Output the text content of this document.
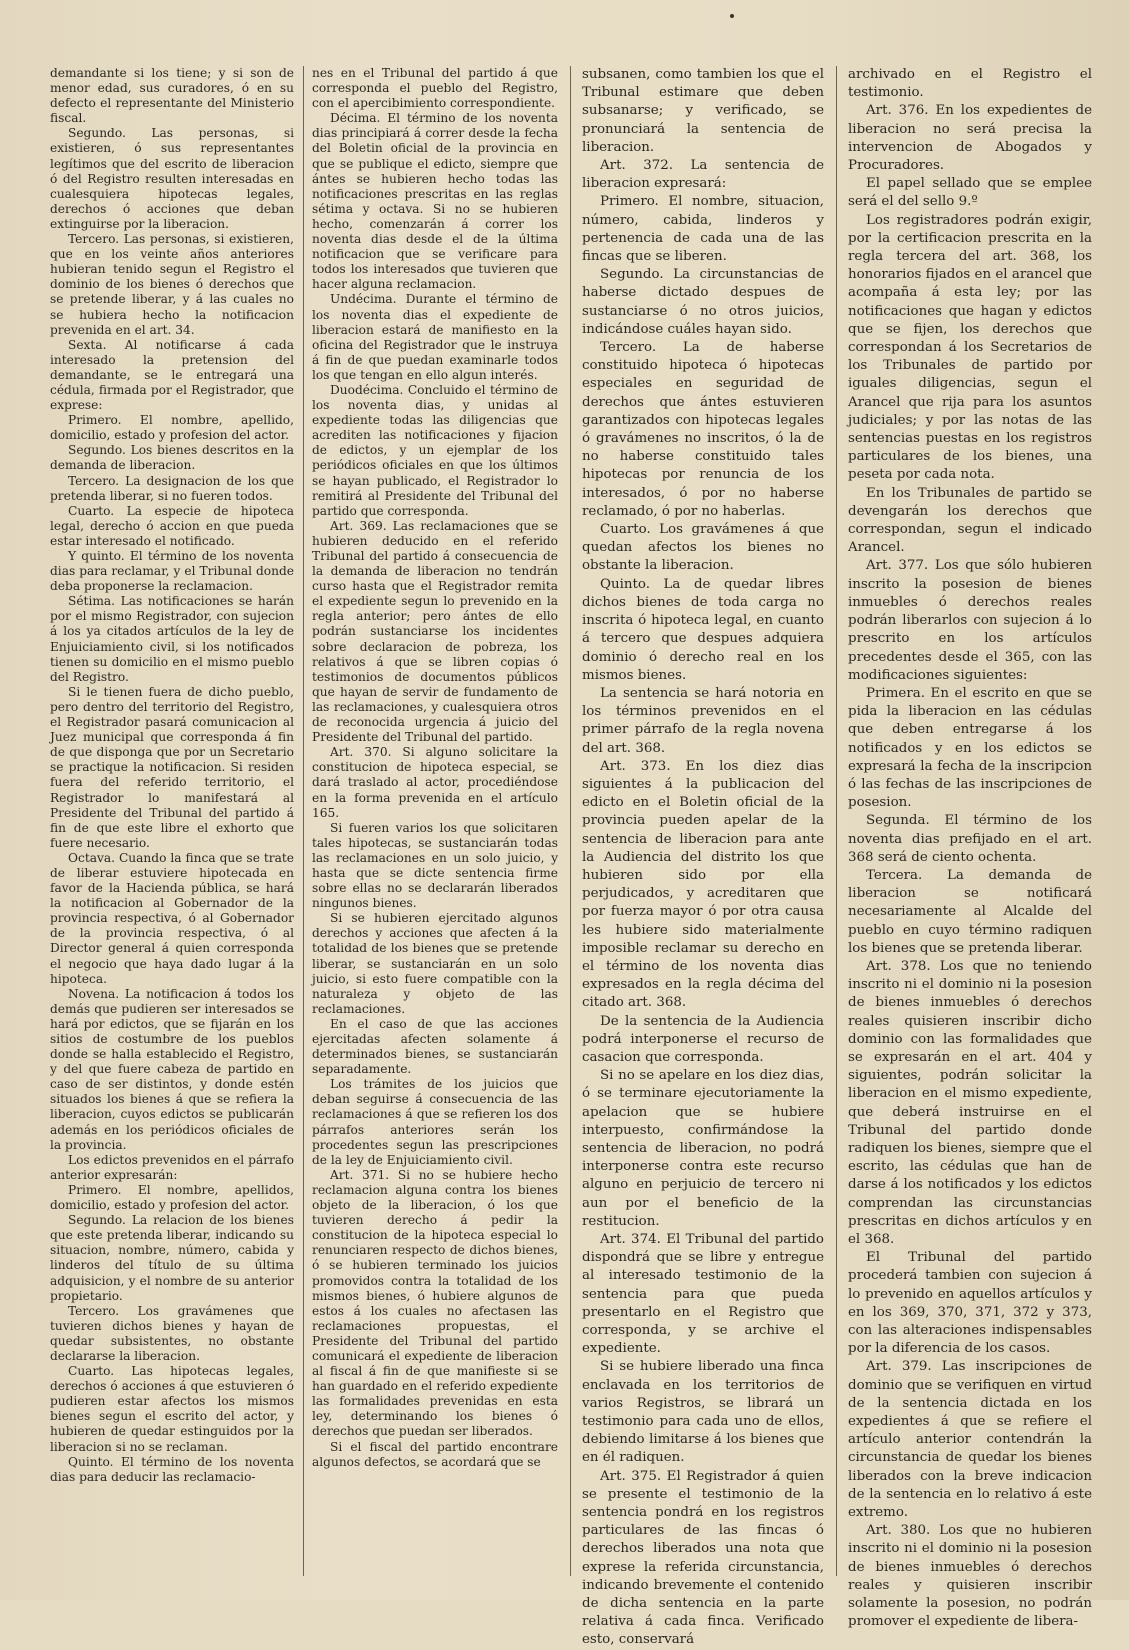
demandante si los tiene; y si son de menor edad, sus curadores, ó en su defecto el representante del Ministerio fiscal.

Segundo. Las personas, si existieren, ó sus representantes legítimos que del escrito de liberacion ó del Registro resulten interesadas en cualesquiera hipotecas legales, derechos ó acciones que deban extinguirse por la liberacion.

Tercero. Las personas, si existieren, que en los veinte años anteriores hubieran tenido segun el Registro el dominio de los bienes ó derechos que se pretende liberar, y á las cuales no se hubiera hecho la notificacion prevenida en el art. 34.

Sexta. Al notificarse á cada interesado la pretension del demandante, se le entregará una cédula, firmada por el Registrador, que exprese:

Primero. El nombre, apellido, domicilio, estado y profesion del actor.

Segundo. Los bienes descritos en la demanda de liberacion.

Tercero. La designacion de los que pretenda liberar, si no fueren todos.

Cuarto. La especie de hipoteca legal, derecho ó accion en que pueda estar interesado el notificado.

Y quinto. El término de los noventa dias para reclamar, y el Tribunal donde deba proponerse la reclamacion.

Sétima. Las notificaciones se harán por el mismo Registrador, con sujecion á los ya citados artículos de la ley de Enjuiciamiento civil, si los notificados tienen su domicilio en el mismo pueblo del Registro.

Si le tienen fuera de dicho pueblo, pero dentro del territorio del Registro, el Registrador pasará comunicacion al Juez municipal que corresponda á fin de que disponga que por un Secretario se practique la notificacion. Si residen fuera del referido territorio, el Registrador lo manifestará al Presidente del Tribunal del partido á fin de que este libre el exhorto que fuere necesario.

Octava. Cuando la finca que se trate de liberar estuviere hipotecada en favor de la Hacienda pública, se hará la notificacion al Gobernador de la provincia respectiva, ó al Gobernador de la provincia respectiva, ó al Director general á quien corresponda el negocio que haya dado lugar á la hipoteca.

Novena. La notificacion á todos los demás que pudieren ser interesados se hará por edictos, que se fijarán en los sitios de costumbre de los pueblos donde se halla establecido el Registro, y del que fuere cabeza de partido en caso de ser distintos, y donde estén situados los bienes á que se refiera la liberacion, cuyos edictos se publicarán además en los periódicos oficiales de la provincia.

Los edictos prevenidos en el párrafo anterior expresarán:

Primero. El nombre, apellidos, domicilio, estado y profesion del actor.

Segundo. La relacion de los bienes que este pretenda liberar, indicando su situacion, nombre, número, cabida y linderos del título de su última adquisicion, y el nombre de su anterior propietario.

Tercero. Los gravámenes que tuvieren dichos bienes y hayan de quedar subsistentes, no obstante declararse la liberacion.

Cuarto. Las hipotecas legales, derechos ó acciones á que estuvieren ó pudieren estar afectos los mismos bienes segun el escrito del actor, y hubieren de quedar estinguidos por la liberacion si no se reclaman.

Quinto. El término de los noventa dias para deducir las reclamacio-

nes en el Tribunal del partido á que corresponda el pueblo del Registro, con el apercibimiento correspondiente.

Décima. El término de los noventa dias principiará á correr desde la fecha del Boletin oficial de la provincia en que se publique el edicto, siempre que ántes se hubieren hecho todas las notificaciones prescritas en las reglas sétima y octava. Si no se hubieren hecho, comenzarán á correr los noventa dias desde el de la última notificacion que se verificare para todos los interesados que tuvieren que hacer alguna reclamacion.

Undécima. Durante el término de los noventa dias el expediente de liberacion estará de manifiesto en la oficina del Registrador que le instruya á fin de que puedan examinarle todos los que tengan en ello algun interés.

Duodécima. Concluido el término de los noventa dias, y unidas al expediente todas las diligencias que acrediten las notificaciones y fijacion de edictos, y un ejemplar de los periódicos oficiales en que los últimos se hayan publicado, el Registrador lo remitirá al Presidente del Tribunal del partido que corresponda.

Art. 369. Las reclamaciones que se hubieren deducido en el referido Tribunal del partido á consecuencia de la demanda de liberacion no tendrán curso hasta que el Registrador remita el expediente segun lo prevenido en la regla anterior; pero ántes de ello podrán sustanciarse los incidentes sobre declaracion de pobreza, los relativos á que se libren copias ó testimonios de documentos públicos que hayan de servir de fundamento de las reclamaciones, y cualesquiera otros de reconocida urgencia á juicio del Presidente del Tribunal del partido.

Art. 370. Si alguno solicitare la constitucion de hipoteca especial, se dará traslado al actor, procediéndose en la forma prevenida en el artículo 165.

Si fueren varios los que solicitaren tales hipotecas, se sustanciarán todas las reclamaciones en un solo juicio, y hasta que se dicte sentencia firme sobre ellas no se declararán liberados ningunos bienes.

Si se hubieren ejercitado algunos derechos y acciones que afecten á la totalidad de los bienes que se pretende liberar, se sustanciarán en un solo juicio, si esto fuere compatible con la naturaleza y objeto de las reclamaciones.

En el caso de que las acciones ejercitadas afecten solamente á determinados bienes, se sustanciarán separadamente.

Los trámites de los juicios que deban seguirse á consecuencia de las reclamaciones á que se refieren los dos párrafos anteriores serán los procedentes segun las prescripciones de la ley de Enjuiciamiento civil.

Art. 371. Si no se hubiere hecho reclamacion alguna contra los bienes objeto de la liberacion, ó los que tuvieren derecho á pedir la constitucion de la hipoteca especial lo renunciaren respecto de dichos bienes, ó se hubieren terminado los juicios promovidos contra la totalidad de los mismos bienes, ó hubiere algunos de estos á los cuales no afectasen las reclamaciones propuestas, el Presidente del Tribunal del partido comunicará el expediente de liberacion al fiscal á fin de que manifieste si se han guardado en el referido expediente las formalidades prevenidas en esta ley, determinando los bienes ó derechos que puedan ser liberados.

Si el fiscal del partido encontrare algunos defectos, se acordará que se

subsanen, como tambien los que el Tribunal estimare que deben subsanarse; y verificado, se pronunciará la sentencia de liberacion.

Art. 372. La sentencia de liberacion expresará:

Primero. El nombre, situacion, número, cabida, linderos y pertenencia de cada una de las fincas que se liberen.

Segundo. La circunstancias de haberse dictado despues de sustanciarse ó no otros juicios, indicándose cuáles hayan sido.

Tercero. La de haberse constituido hipoteca ó hipotecas especiales en seguridad de derechos que ántes estuvieren garantizados con hipotecas legales ó gravámenes no inscritos, ó la de no haberse constituido tales hipotecas por renuncia de los interesados, ó por no haberse reclamado, ó por no haberlas.

Cuarto. Los gravámenes á que quedan afectos los bienes no obstante la liberacion.

Quinto. La de quedar libres dichos bienes de toda carga no inscrita ó hipoteca legal, en cuanto á tercero que despues adquiera dominio ó derecho real en los mismos bienes.

La sentencia se hará notoria en los términos prevenidos en el primer párrafo de la regla novena del art. 368.

Art. 373. En los diez dias siguientes á la publicacion del edicto en el Boletin oficial de la provincia pueden apelar de la sentencia de liberacion para ante la Audiencia del distrito los que hubieren sido por ella perjudicados, y acreditaren que por fuerza mayor ó por otra causa les hubiere sido materialmente imposible reclamar su derecho en el término de los noventa dias expresados en la regla décima del citado art. 368.

De la sentencia de la Audiencia podrá interponerse el recurso de casacion que corresponda.

Si no se apelare en los diez dias, ó se terminare ejecutoriamente la apelacion que se hubiere interpuesto, confirmándose la sentencia de liberacion, no podrá interponerse contra este recurso alguno en perjuicio de tercero ni aun por el beneficio de la restitucion.

Art. 374. El Tribunal del partido dispondrá que se libre y entregue al interesado testimonio de la sentencia para que pueda presentarlo en el Registro que corresponda, y se archive el expediente.

Si se hubiere liberado una finca enclavada en los territorios de varios Registros, se librará un testimonio para cada uno de ellos, debiendo limitarse á los bienes que en él radiquen.

Art. 375. El Registrador á quien se presente el testimonio de la sentencia pondrá en los registros particulares de las fincas ó derechos liberados una nota que exprese la referida circunstancia, indicando brevemente el contenido de dicha sentencia en la parte relativa á cada finca. Verificado esto, conservará

archivado en el Registro el testimonio.

Art. 376. En los expedientes de liberacion no será precisa la intervencion de Abogados y Procuradores.

El papel sellado que se emplee será el del sello 9.º

Los registradores podrán exigir, por la certificacion prescrita en la regla tercera del art. 368, los honorarios fijados en el arancel que acompaña á esta ley; por las notificaciones que hagan y edictos que se fijen, los derechos que correspondan á los Secretarios de los Tribunales de partido por iguales diligencias, segun el Arancel que rija para los asuntos judiciales; y por las notas de las sentencias puestas en los registros particulares de los bienes, una peseta por cada nota.

En los Tribunales de partido se devengarán los derechos que correspondan, segun el indicado Arancel.

Art. 377. Los que sólo hubieren inscrito la posesion de bienes inmuebles ó derechos reales podrán liberarlos con sujecion á lo prescrito en los artículos precedentes desde el 365, con las modificaciones siguientes:

Primera. En el escrito en que se pida la liberacion en las cédulas que deben entregarse á los notificados y en los edictos se expresará la fecha de la inscripcion ó las fechas de las inscripciones de posesion.

Segunda. El término de los noventa dias prefijado en el art. 368 será de ciento ochenta.

Tercera. La demanda de liberacion se notificará necesariamente al Alcalde del pueblo en cuyo término radiquen los bienes que se pretenda liberar.

Art. 378. Los que no teniendo inscrito ni el dominio ni la posesion de bienes inmuebles ó derechos reales quisieren inscribir dicho dominio con las formalidades que se expresarán en el art. 404 y siguientes, podrán solicitar la liberacion en el mismo expediente, que deberá instruirse en el Tribunal del partido donde radiquen los bienes, siempre que el escrito, las cédulas que han de darse á los notificados y los edictos comprendan las circunstancias prescritas en dichos artículos y en el 368.

El Tribunal del partido procederá tambien con sujecion á lo prevenido en aquellos artículos y en los 369, 370, 371, 372 y 373, con las alteraciones indispensables por la diferencia de los casos.

Art. 379. Las inscripciones de dominio que se verifiquen en virtud de la sentencia dictada en los expedientes á que se refiere el artículo anterior contendrán la circunstancia de quedar los bienes liberados con la breve indicacion de la sentencia en lo relativo á este extremo.

Art. 380. Los que no hubieren inscrito ni el dominio ni la posesion de bienes inmuebles ó derechos reales y quisieren inscribir solamente la posesion, no podrán promover el expediente de libera-
